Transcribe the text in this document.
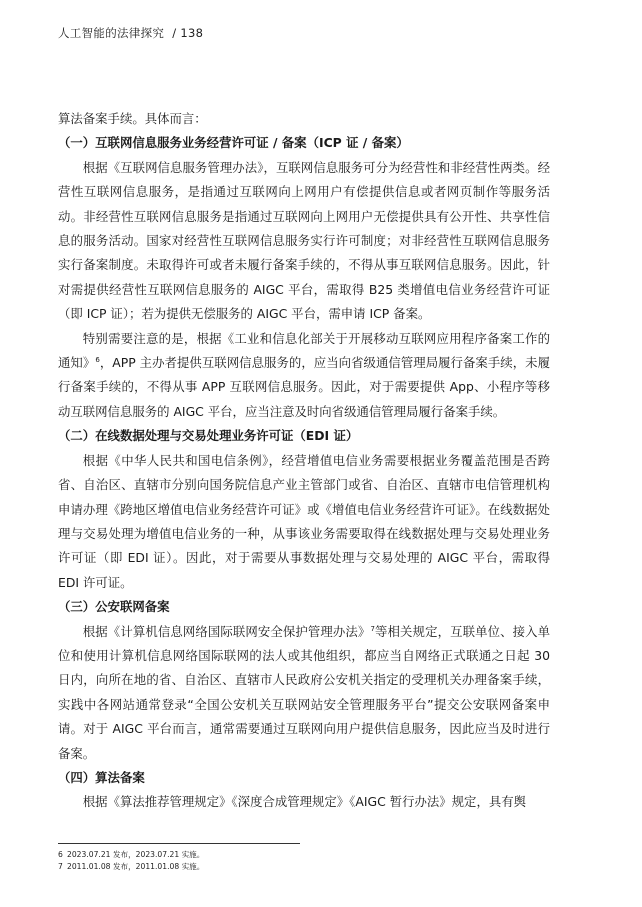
人工智能的法律探究 / 138

算法备案手续。具体而言：

（一）互联网信息服务业务经营许可证 / 备案（ICP 证 / 备案）

根据《互联网信息服务管理办法》，互联网信息服务可分为经营性和非经营性两类。经营性互联网信息服务，是指通过互联网向上网用户有偿提供信息或者网页制作等服务活动。非经营性互联网信息服务是指通过互联网向上网用户无偿提供具有公开性、共享性信息的服务活动。国家对经营性互联网信息服务实行许可制度；对非经营性互联网信息服务实行备案制度。未取得许可或者未履行备案手续的，不得从事互联网信息服务。因此，针对需提供经营性互联网信息服务的 AIGC 平台，需取得 B25 类增值电信业务经营许可证（即 ICP 证）；若为提供无偿服务的 AIGC 平台，需申请 ICP 备案。

特别需要注意的是，根据《工业和信息化部关于开展移动互联网应用程序备案工作的通知》$^6$，APP 主办者提供互联网信息服务的，应当向省级通信管理局履行备案手续，未履行备案手续的，不得从事 APP 互联网信息服务。因此，对于需要提供 App、小程序等移动互联网信息服务的 AIGC 平台，应当注意及时向省级通信管理局履行备案手续。

（二）在线数据处理与交易处理业务许可证（EDI 证）

根据《中华人民共和国电信条例》，经营增值电信业务需要根据业务覆盖范围是否跨省、自治区、直辖市分别向国务院信息产业主管部门或省、自治区、直辖市电信管理机构申请办理《跨地区增值电信业务经营许可证》或《增值电信业务经营许可证》。在线数据处理与交易处理为增值电信业务的一种，从事该业务需要取得在线数据处理与交易处理业务许可证（即 EDI 证）。因此，对于需要从事数据处理与交易处理的 AIGC 平台，需取得 EDI 许可证。

（三）公安联网备案

根据《计算机信息网络国际联网安全保护管理办法》$^7$等相关规定，互联单位、接入单位和使用计算机信息网络国际联网的法人或其他组织，都应当自网络正式联通之日起 30 日内，向所在地的省、自治区、直辖市人民政府公安机关指定的受理机关办理备案手续，实践中各网站通常登录“全国公安机关互联网站安全管理服务平台”提交公安联网备案申请。对于 AIGC 平台而言，通常需要通过互联网向用户提供信息服务，因此应当及时进行备案。

（四）算法备案

根据《算法推荐管理规定》《深度合成管理规定》《AIGC 暂行办法》规定，具有舆

6 2023.07.21 发布，2023.07.21 实施。
7 2011.01.08 发布，2011.01.08 实施。
